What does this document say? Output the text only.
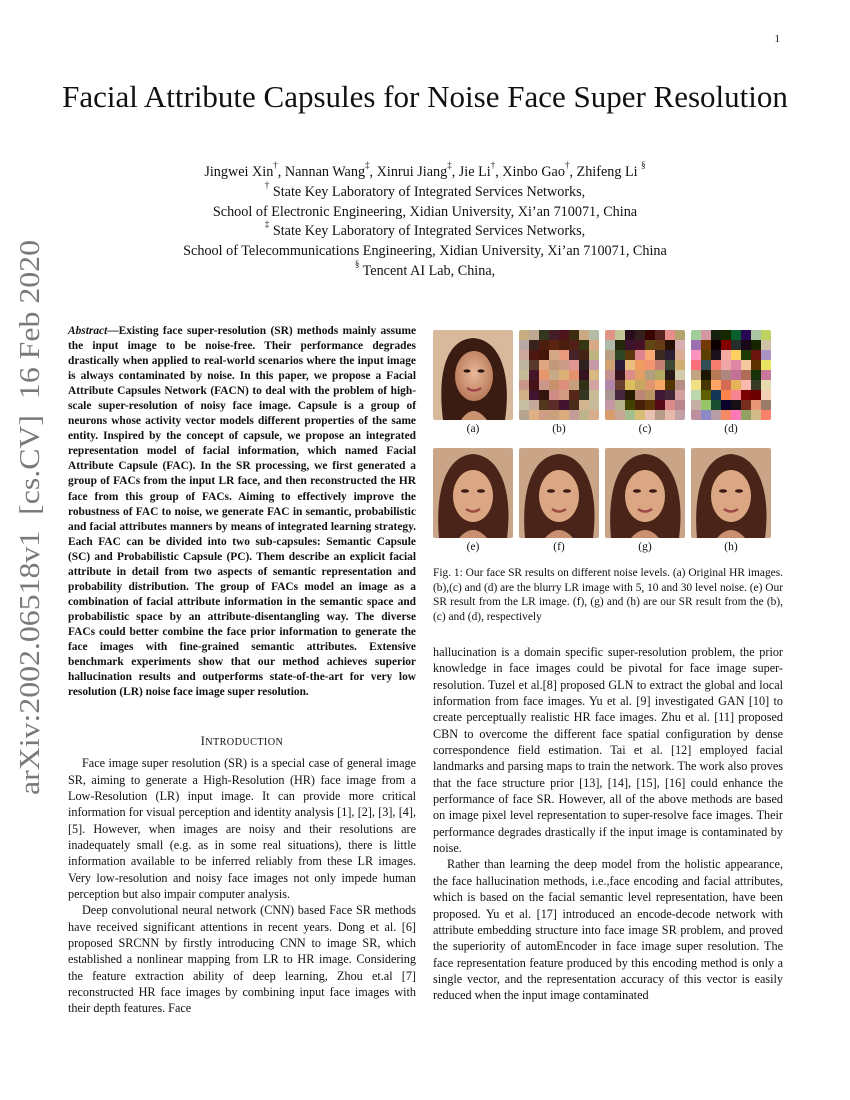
1
arXiv:2002.06518v1  [cs.CV]  16 Feb 2020
Facial Attribute Capsules for Noise Face Super Resolution
Jingwei Xin†, Nannan Wang‡, Xinrui Jiang‡, Jie Li†, Xinbo Gao†, Zhifeng Li §
† State Key Laboratory of Integrated Services Networks,
School of Electronic Engineering, Xidian University, Xi’an 710071, China
‡ State Key Laboratory of Integrated Services Networks,
School of Telecommunications Engineering, Xidian University, Xi’an 710071, China
§ Tencent AI Lab, China,

Abstract—Existing face super-resolution (SR) methods mainly assume the input image to be noise-free. Their performance degrades drastically when applied to real-world scenarios where the input image is always contaminated by noise. In this paper, we propose a Facial Attribute Capsules Network (FACN) to deal with the problem of high-scale super-resolution of noisy face image. Capsule is a group of neurons whose activity vector models different properties of the same entity. Inspired by the concept of capsule, we propose an integrated representation model of facial information, which named Facial Attribute Capsule (FAC). In the SR processing, we first generated a group of FACs from the input LR face, and then reconstructed the HR face from this group of FACs. Aiming to effectively improve the robustness of FAC to noise, we generate FAC in semantic, probabilistic and facial attributes manners by means of integrated learning strategy. Each FAC can be divided into two sub-capsules: Semantic Capsule (SC) and Probabilistic Capsule (PC). Them describe an explicit facial attribute in detail from two aspects of semantic representation and probability distribution. The group of FACs model an image as a combination of facial attribute information in the semantic space and probabilistic space by an attribute-disentangling way. The diverse FACs could better combine the face prior information to generate the face images with fine-grained semantic attributes. Extensive benchmark experiments show that our method achieves superior hallucination results and outperforms state-of-the-art for very low resolution (LR) noise face image super resolution.

INTRODUCTION

Face image super resolution (SR) is a special case of general image SR, aiming to generate a High-Resolution (HR) face image from a Low-Resolution (LR) input image. It can provide more critical information for visual perception and identity analysis [1], [2], [3], [4], [5]. However, when images are noisy and their resolutions are inadequately small (e.g. as in some real situations), there is little information available to be inferred reliably from these LR images. Very low-resolution and noisy face images not only impede human perception but also impair computer analysis.

Deep convolutional neural network (CNN) based Face SR methods have received significant attentions in recent years. Dong et al. [6] proposed SRCNN by firstly introducing CNN to image SR, which established a nonlinear mapping from LR to HR image. Considering the feature extraction ability of deep learning, Zhou et.al [7] reconstructed HR face images by combining input face images with their depth features. Face

(a)	(b)	(c)	(d)
(e)	(f)	(g)	(h)

Fig. 1: Our face SR results on different noise levels. (a) Original HR images. (b),(c) and (d) are the blurry LR image with 5, 10 and 30 level noise. (e) Our SR result from the LR image. (f), (g) and (h) are our SR result from the (b),(c) and (d), respectively

hallucination is a domain specific super-resolution problem, the prior knowledge in face images could be pivotal for face image super-resolution. Tuzel et al.[8] proposed GLN to extract the global and local information from face images. Yu et al. [9] investigated GAN [10] to create perceptually realistic HR face images. Zhu et al. [11] proposed CBN to overcome the different face spatial configuration by dense correspondence field estimation. Tai et al. [12] employed facial landmarks and parsing maps to train the network. The work also proves that the face structure prior [13], [14], [15], [16] could enhance the performance of face SR. However, all of the above methods are based on image pixel level representation to super-resolve face images. Their performance degrades drastically if the input image is contaminated by noise.

Rather than learning the deep model from the holistic appearance, the face hallucination methods, i.e.,face encoding and facial attributes, which is based on the facial semantic level representation, have been proposed. Yu et al. [17] introduced an encode-decode network with attribute embedding structure into face image SR problem, and proved the superiority of automEncoder in face image super resolution. The face representation feature produced by this encoding method is only a single vector, and the representation accuracy of this vector is easily reduced when the input image contaminated
